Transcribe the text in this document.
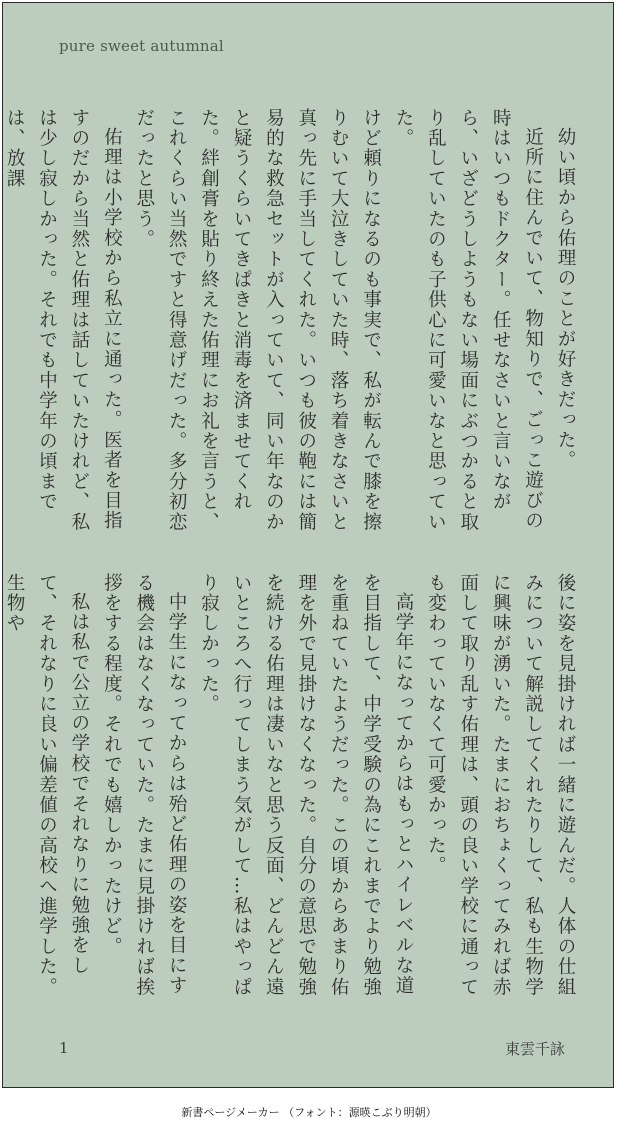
pure sweet autumnal

幼い頃から佑理のことが好きだった。

近所に住んでいて、物知りで、ごっこ遊びの時はいつもドクター。任せなさいと言いながら、いざどうしようもない場面にぶつかると取り乱していたのも子供心に可愛いなと思っていた。

けど頼りになるのも事実で、私が転んで膝を擦りむいて大泣きしていた時、落ち着きなさいと真っ先に手当してくれた。いつも彼の鞄には簡易的な救急セットが入っていて、同い年なのかと疑うくらいてきぱきと消毒を済ませてくれた。絆創膏を貼り終えた佑理にお礼を言うと、これくらい当然ですと得意げだった。多分初恋だったと思う。

佑理は小学校から私立に通った。医者を目指すのだから当然と佑理は話していたけれど、私は少し寂しかった。それでも中学年の頃までは、放課

後に姿を見掛ければ一緒に遊んだ。人体の仕組みについて解説してくれたりして、私も生物学に興味が湧いた。たまにおちょくってみれば赤面して取り乱す佑理は、頭の良い学校に通っても変わっていなくて可愛かった。

高学年になってからはもっとハイレベルな道を目指して、中学受験の為にこれまでより勉強を重ねていたようだった。この頃からあまり佑理を外で見掛けなくなった。自分の意思で勉強を続ける佑理は凄いなと思う反面、どんどん遠いところへ行ってしまう気がして…私はやっぱり寂しかった。

中学生になってからは殆ど佑理の姿を目にする機会はなくなっていた。たまに見掛ければ挨拶をする程度。それでも嬉しかったけど。

私は私で公立の学校でそれなりに勉強をして、それなりに良い偏差値の高校へ進学した。生物や

1	東雲千詠
新書ページメーカー （フォント：源暎こぶり明朝）
